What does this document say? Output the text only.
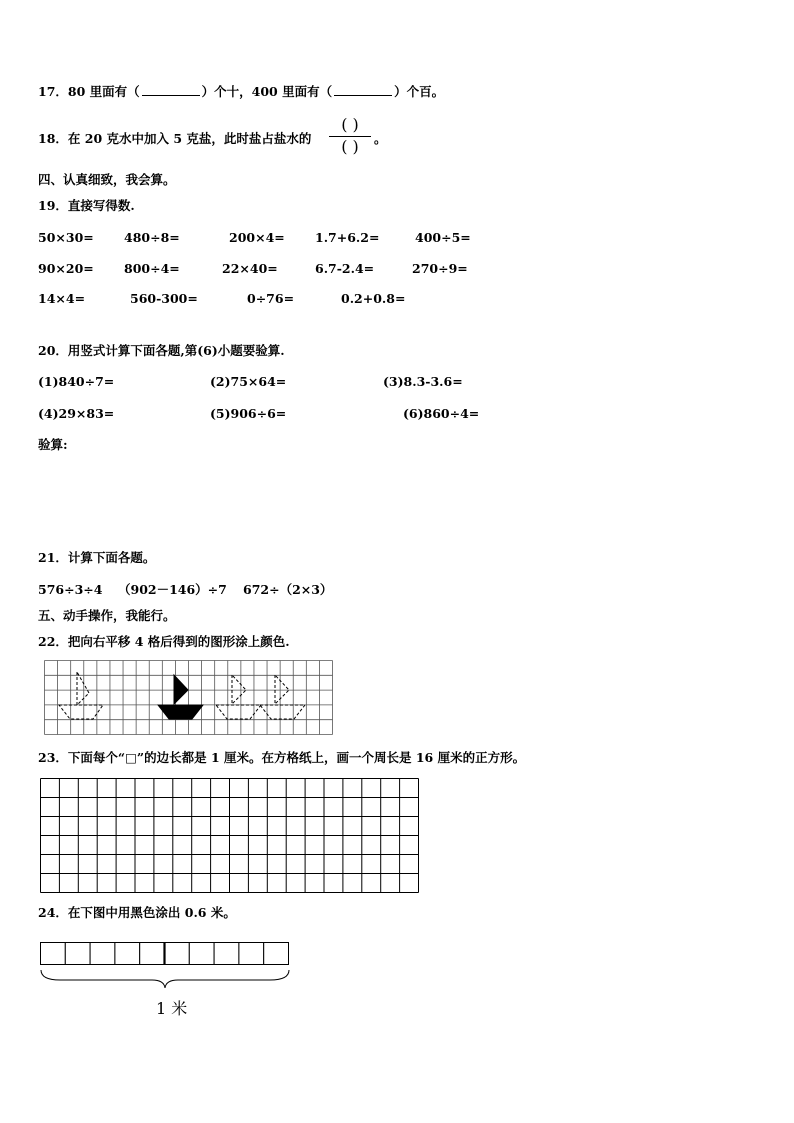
17．80 里面有（	）个十，400 里面有（	）个百。
18．在 20 克水中加入 5 克盐，此时盐占盐水的
( )
( )	。
四、认真细致，我会算。
19．直接写得数.
50×30= 480÷8=	200×4= 1.7+6.2=	400÷5=
90×20= 800÷4=	22×40=	6.7-2.4=	270÷9=
14×4=	560-300=	0÷76=	0.2+0.8=
20．用竖式计算下面各题,第(6)小题要验算.
(1)840÷7=	(2)75×64=	(3)8.3-3.6=
(4)29×83=	(5)906÷6=	(6)860÷4=
验算:
21．计算下面各题。
576÷3÷4 （902－146）÷7 672÷（2×3）
五、动手操作，我能行。
22．把向右平移 4 格后得到的图形涂上颜色.
23．下面每个“□”的边长都是 1 厘米。在方格纸上，画一个周长是 16 厘米的正方形。
24．在下图中用黑色涂出 0.6 米。
1 米
